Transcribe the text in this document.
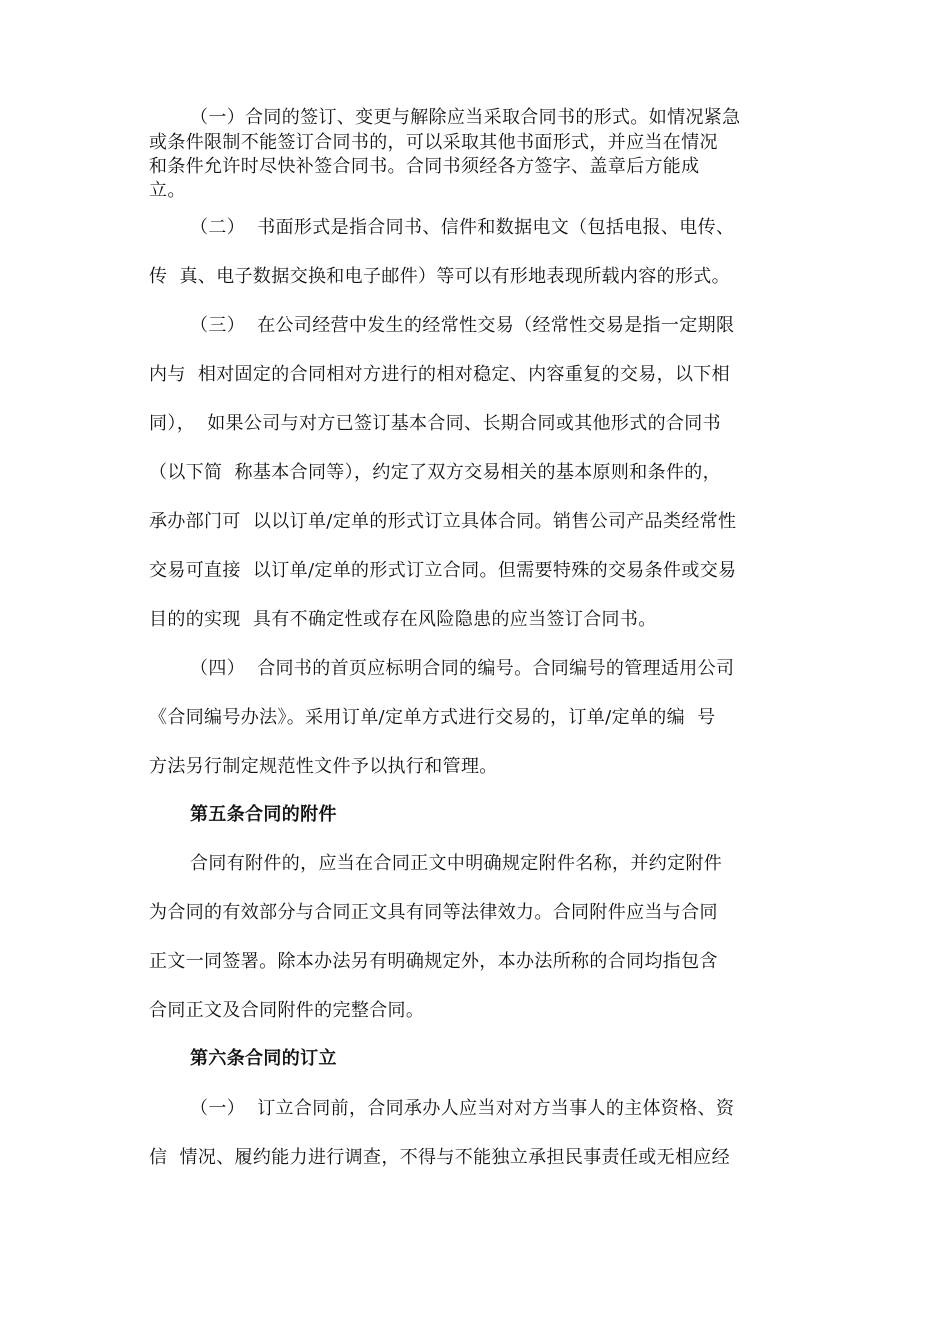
（一）合同的签订、变更与解除应当采取合同书的形式。如情况紧急
或条件限制不能签订合同书的，可以采取其他书面形式，并应当在情况
和条件允许时尽快补签合同书。合同书须经各方签字、盖章后方能成
立。
（二）  书面形式是指合同书、信件和数据电文（包括电报、电传、
传  真、电子数据交换和电子邮件）等可以有形地表现所载内容的形式。
（三）  在公司经营中发生的经常性交易（经常性交易是指一定期限
内与  相对固定的合同相对方进行的相对稳定、内容重复的交易，以下相
同），  如果公司与对方已签订基本合同、长期合同或其他形式的合同书
（以下简  称基本合同等），约定了双方交易相关的基本原则和条件的，
承办部门可  以以订单/定单的形式订立具体合同。销售公司产品类经常性
交易可直接  以订单/定单的形式订立合同。但需要特殊的交易条件或交易
目的的实现  具有不确定性或存在风险隐患的应当签订合同书。
（四）  合同书的首页应标明合同的编号。合同编号的管理适用公司
《合同编号办法》。采用订单/定单方式进行交易的，订单/定单的编  号
方法另行制定规范性文件予以执行和管理。
第五条合同的附件
合同有附件的，应当在合同正文中明确规定附件名称，并约定附件
为合同的有效部分与合同正文具有同等法律效力。合同附件应当与合同
正文一同签署。除本办法另有明确规定外，本办法所称的合同均指包含
合同正文及合同附件的完整合同。
第六条合同的订立
（一）  订立合同前，合同承办人应当对对方当事人的主体资格、资
信  情况、履约能力进行调查，不得与不能独立承担民事责任或无相应经
